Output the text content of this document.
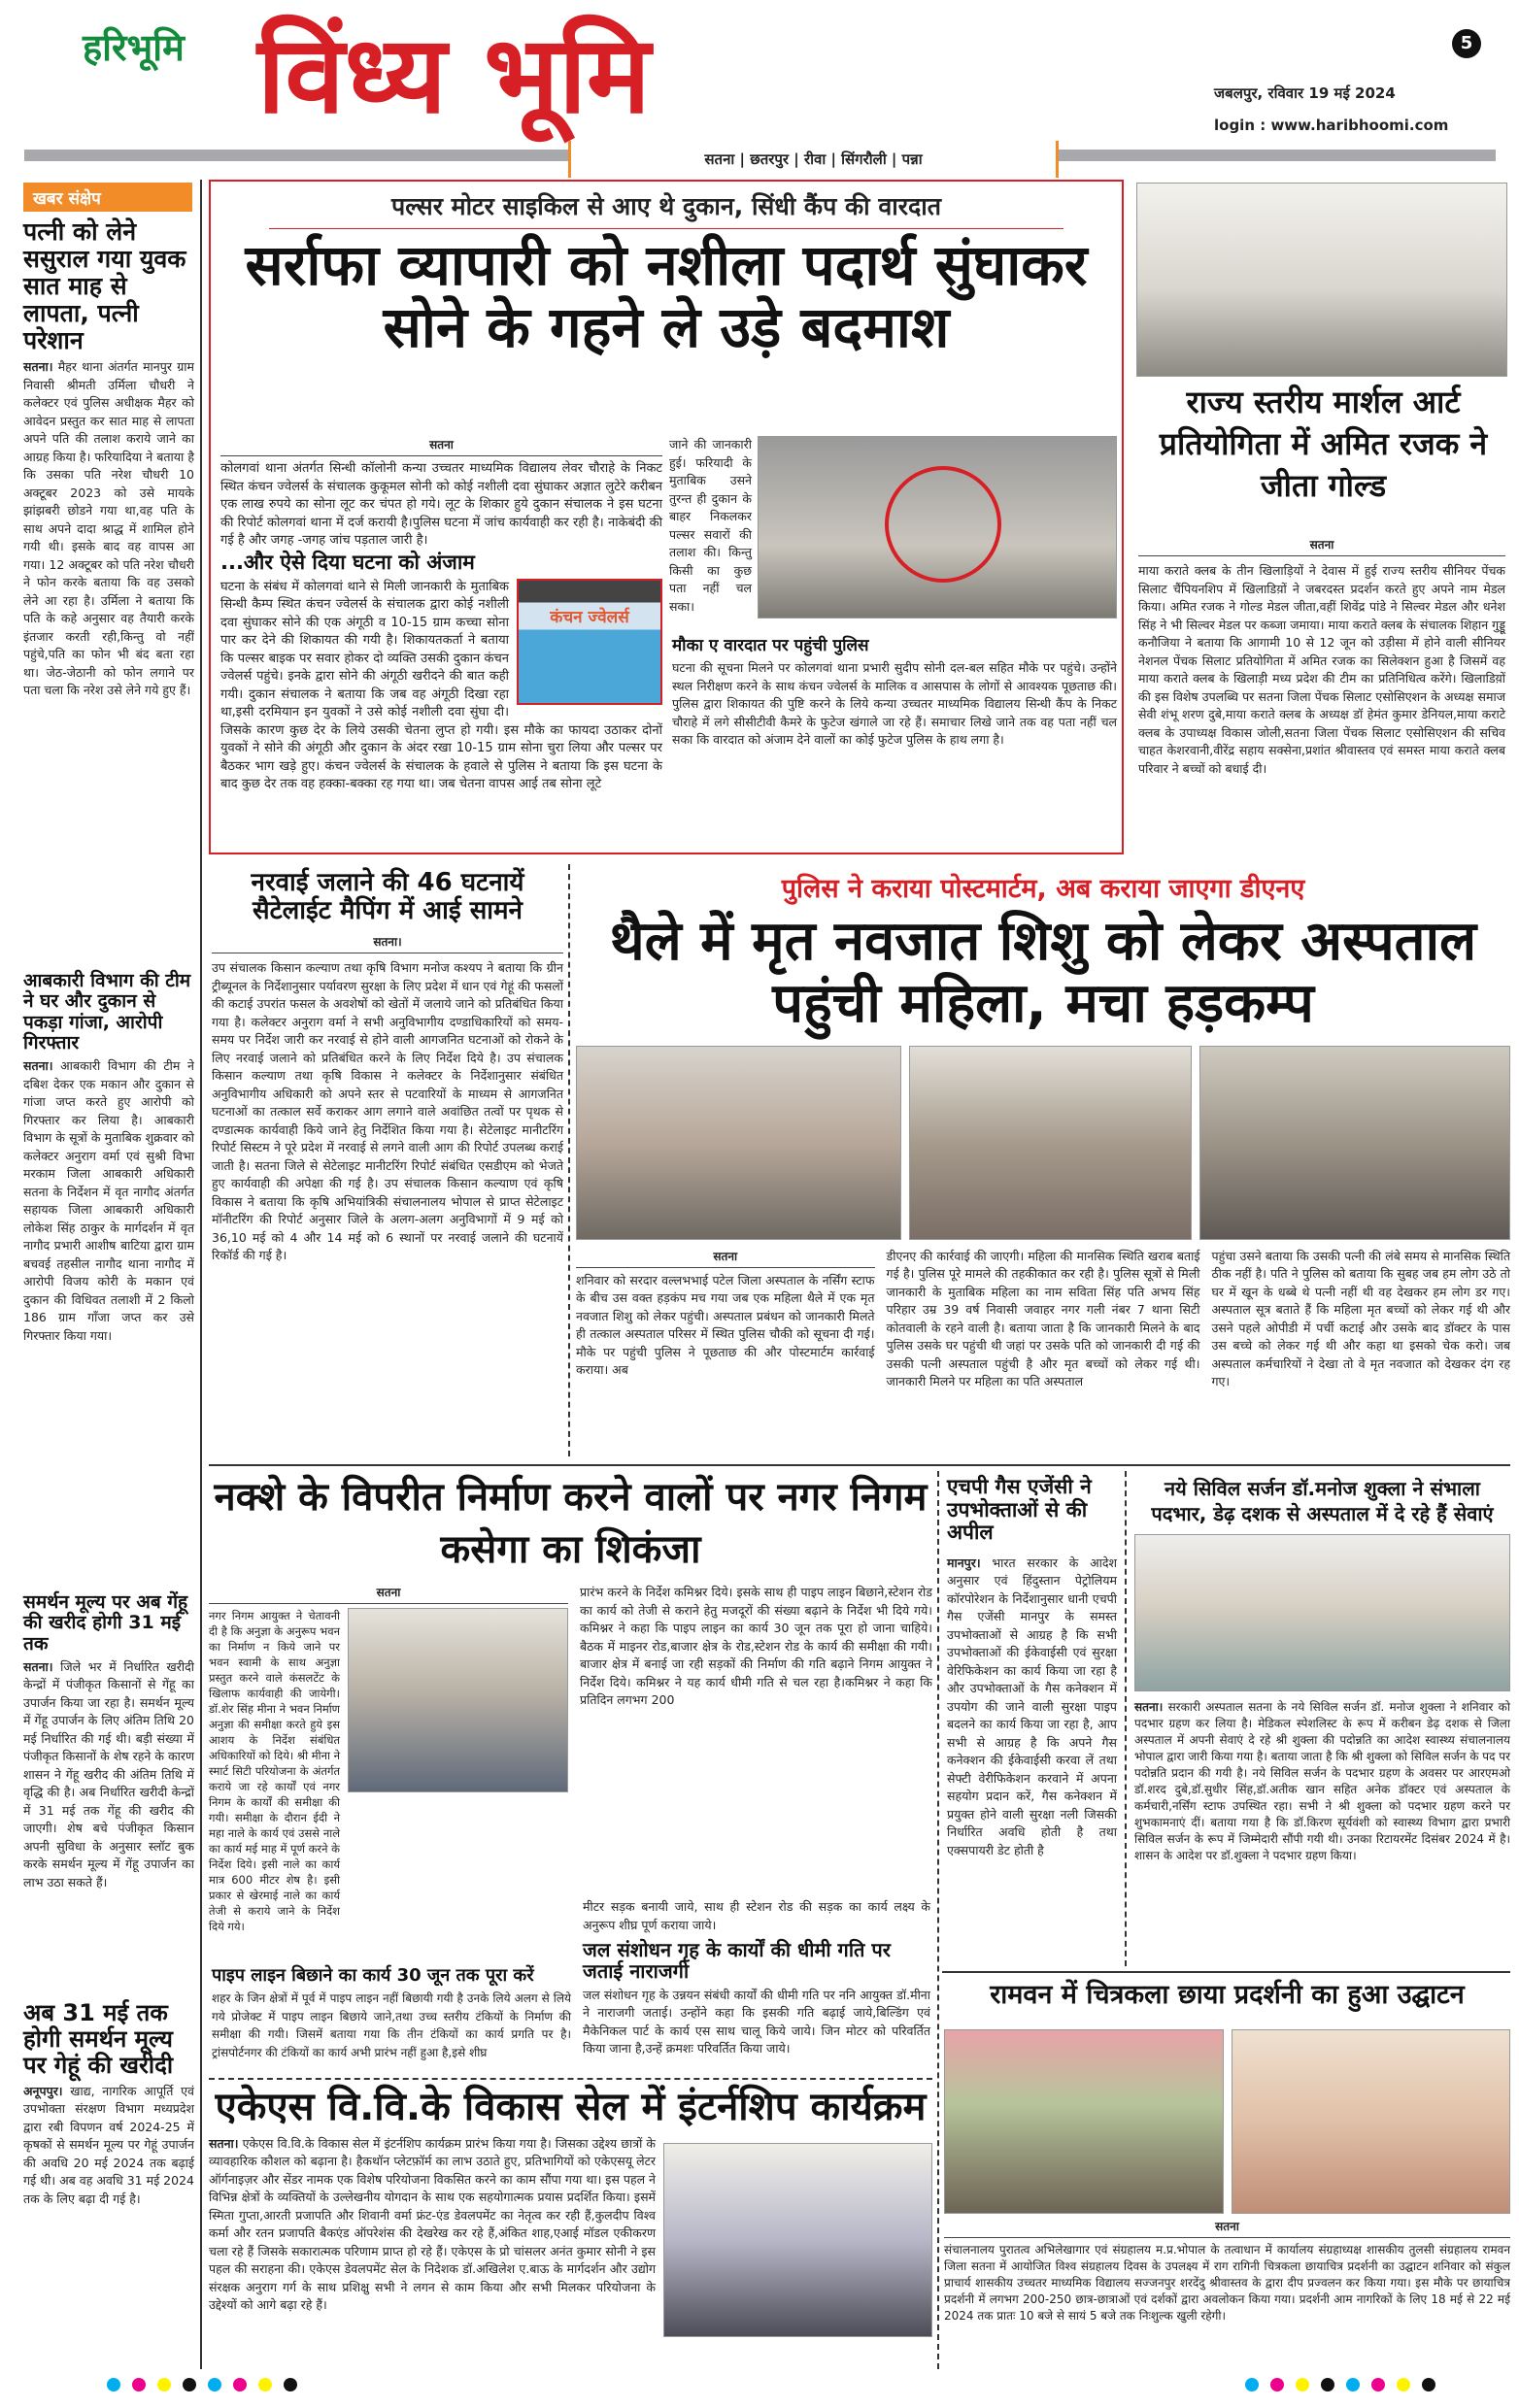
हरिभूमि विंध्य भूमि	5
जबलपुर, रविवार 19 मई 2024
login : www.haribhoomi.com
सतना | छतरपुर | रीवा | सिंगरौली | पन्ना
खबर संक्षेप
पत्नी को लेने ससुराल गया युवक सात माह से लापता, पत्नी परेशान
सतना। मैहर थाना अंतर्गत मानपुर ग्राम निवासी श्रीमती उर्मिला चौधरी ने कलेक्टर एवं पुलिस अधीक्षक मैहर को आवेदन प्रस्तुत कर सात माह से लापता अपने पति की तलाश कराये जाने का आग्रह किया है। फरियादिया ने बताया है कि उसका पति नरेश चौधरी 10 अक्टूबर 2023 को उसे मायके झांझबरी छोडने गया था,वह पति के साथ अपने दादा श्राद्ध में शामिल होने गयी थी। इसके बाद वह वापस आ गया। 12 अक्टूबर को पति नरेश चौधरी ने फोन करके बताया कि वह उसको लेने आ रहा है। उर्मिला ने बताया कि पति के कहे अनुसार वह तैयारी करके इंतजार करती रही,किन्तु वो नहीं पहुंचे,पति का फोन भी बंद बता रहा था। जेठ-जेठानी को फोन लगाने पर पता चला कि नरेश उसे लेने गये हुए हैं।
आबकारी विभाग की टीम ने घर और दुकान से पकड़ा गांजा, आरोपी गिरफ्तार
सतना। आबकारी विभाग की टीम ने दबिश देकर एक मकान और दुकान से गांजा जप्त करते हुए आरोपी को गिरफ्तार कर लिया है। आबकारी विभाग के सूत्रों के मुताबिक शुक्रवार को कलेक्टर अनुराग वर्मा एवं सुश्री विभा मरकाम जिला आबकारी अधिकारी सतना के निर्देशन में वृत नागौद अंतर्गत सहायक जिला आबकारी अधिकारी लोकेश सिंह ठाकुर के मार्गदर्शन में वृत नागौद प्रभारी आशीष बाटिया द्वारा ग्राम बचवई तहसील नागौद थाना नागौद में आरोपी विजय कोरी के मकान एवं दुकान की विधिवत तलाशी में 2 किलो 186 ग्राम गाँजा जप्त कर उसे गिरफ्तार किया गया।
समर्थन मूल्य पर अब गेंहू की खरीद होगी 31 मई तक
सतना। जिले भर में निर्धारित खरीदी केन्द्रों में पंजीकृत किसानों से गेंहू का उपार्जन किया जा रहा है। समर्थन मूल्य में गेंहू उपार्जन के लिए अंतिम तिथि 20 मई निर्धारित की गई थी। बड़ी संख्या में पंजीकृत किसानों के शेष रहने के कारण शासन ने गेंहू खरीद की अंतिम तिथि में वृद्धि की है। अब निर्धारित खरीदी केन्द्रों में 31 मई तक गेंहू की खरीद की जाएगी। शेष बचे पंजीकृत किसान अपनी सुविधा के अनुसार स्लॉट बुक करके समर्थन मूल्य में गेंहू उपार्जन का लाभ उठा सकते हैं।
अब 31 मई तक होगी समर्थन मूल्य पर गेहूं की खरीदी
अनूपपुर। खाद्य, नागरिक आपूर्ति एवं उपभोक्ता संरक्षण विभाग मध्यप्रदेश द्वारा रबी विपणन वर्ष 2024-25 में कृषकों से समर्थन मूल्य पर गेहूं उपार्जन की अवधि 20 मई 2024 तक बढ़ाई गई थी। अब वह अवधि 31 मई 2024 तक के लिए बढ़ा दी गई है।
पल्सर मोटर साइकिल से आए थे दुकान, सिंधी कैंप की वारदात
सर्राफा व्यापारी को नशीला पदार्थ सुंघाकर सोने के गहने ले उड़े बदमाश
सतना
कोलगवां थाना अंतर्गत सिन्धी कॉलोनी कन्या उच्चतर माध्यमिक विद्यालय लेवर चौराहे के निकट स्थित कंचन ज्वेलर्स के संचालक कुकूमल सोनी को कोई नशीली दवा सुंघाकर अज्ञात लुटेरे करीबन एक लाख रुपये का सोना लूट कर चंपत हो गये। लूट के शिकार हुये दुकान संचालक ने इस घटना की रिपोर्ट कोलगवां थाना में दर्ज करायी है।पुलिस घटना में जांच कार्यवाही कर रही है। नाकेबंदी की गई है और जगह -जगह जांच पड़ताल जारी है।
...और ऐसे दिया घटना को अंजाम
कंचन ज्वेलर्स
घटना के संबंध में कोलगवां थाने से मिली जानकारी के मुताबिक सिन्धी कैम्प स्थित कंचन ज्वेलर्स के संचालक द्वारा कोई नशीली दवा सुंघाकर सोने की एक अंगूठी व 10-15 ग्राम कच्चा सोना पार कर देने की शिकायत की गयी है। शिकायतकर्ता ने बताया कि पल्सर बाइक पर सवार होकर दो व्यक्ति उसकी दुकान कंचन ज्वेलर्स पहुंचे। इनके द्वारा सोने की अंगूठी खरीदने की बात कही गयी। दुकान संचालक ने बताया कि जब वह अंगूठी दिखा रहा था,इसी दरमियान इन युवकों ने उसे कोई नशीली दवा सुंघा दी। जिसके कारण कुछ देर के लिये उसकी चेतना लुप्त हो गयी। इस मौके का फायदा उठाकर दोनों युवकों ने सोने की अंगूठी और दुकान के अंदर रखा 10-15 ग्राम सोना चुरा लिया और पल्सर पर बैठकर भाग खड़े हुए। कंचन ज्वेलर्स के संचालक के हवाले से पुलिस ने बताया कि इस घटना के बाद कुछ देर तक वह हक्का-बक्का रह गया था। जब चेतना वापस आई तब सोना लूटे
जाने की जानकारी हुई। फरियादी के मुताबिक उसने तुरन्त ही दुकान के बाहर निकलकर पल्सर सवारों की तलाश की। किन्तु किसी का कुछ पता नहीं चल सका।
मौका ए वारदात पर पहुंची पुलिस
घटना की सूचना मिलने पर कोलगवां थाना प्रभारी सुदीप सोनी दल-बल सहित मौके पर पहुंचे। उन्होंने स्थल निरीक्षण करने के साथ कंचन ज्वेलर्स के मालिक व आसपास के लोगों से आवश्यक पूछताछ की।पुलिस द्वारा शिकायत की पुष्टि करने के लिये कन्या उच्चतर माध्यमिक विद्यालय सिन्धी कैंप के निकट चौराहे में लगे सीसीटीवी कैमरे के फुटेज खंगाले जा रहे हैं। समाचार लिखे जाने तक वह पता नहीं चल सका कि वारदात को अंजाम देने वालों का कोई फुटेज पुलिस के हाथ लगा है।
राज्य स्तरीय मार्शल आर्ट प्रतियोगिता में अमित रजक ने जीता गोल्ड
सतना
माया कराते क्लब के तीन खिलाड़ियों ने देवास में हुई राज्य स्तरीय सीनियर पेंचक सिलाट चैंपियनशिप में खिलाडिय़ों ने जबरदस्त प्रदर्शन करते हुए अपने नाम मेडल किया। अमित रजक ने गोल्ड मेडल जीता,वहीं शिवेंद्र पांडे ने सिल्वर मेडल और धनेश सिंह ने भी सिल्वर मेडल पर कब्जा जमाया। माया कराते क्लब के संचालक शिहान गुड्डू कनौजिया ने बताया कि आगामी 10 से 12 जून को उड़ीसा में होने वाली सीनियर नेशनल पेंचक सिलाट प्रतियोगिता में अमित रजक का सिलेक्शन हुआ है जिसमें वह माया कराते क्लब के खिलाड़ी मध्य प्रदेश की टीम का प्रतिनिधित्व करेंगे। खिलाडिय़ों की इस विशेष उपलब्धि पर सतना जिला पेंचक सिलाट एसोसिएशन के अध्यक्ष समाज सेवी शंभू शरण दुबे,माया कराते क्लब के अध्यक्ष डॉ हेमंत कुमार डेनियल,माया कराटे क्लब के उपाध्यक्ष विकास जोली,सतना जिला पेंचक सिलाट एसोसिएशन की सचिव चाहत केशरवानी,वीरेंद्र सहाय सक्सेना,प्रशांत श्रीवास्तव एवं समस्त माया कराते क्लब परिवार ने बच्चों को बधाई दी।
नरवाई जलाने की 46 घटनायें सैटेलाईट मैपिंग में आई सामने
सतना।
उप संचालक किसान कल्याण तथा कृषि विभाग मनोज कश्यप ने बताया कि ग्रीन ट्रीब्यूनल के निर्देशानुसार पर्यावरण सुरक्षा के लिए प्रदेश में धान एवं गेहूं की फसलों की कटाई उपरांत फसल के अवशेषों को खेतों में जलाये जाने को प्रतिबंधित किया गया है। कलेक्टर अनुराग वर्मा ने सभी अनुविभागीय दण्डाधिकारियों को समय-समय पर निर्देश जारी कर नरवाई से होने वाली आगजनित घटनाओं को रोकने के लिए नरवाई जलाने को प्रतिबंधित करने के लिए निर्देश दिये है। उप संचालक किसान कल्याण तथा कृषि विकास ने कलेक्टर के निर्देशानुसार संबंधित अनुविभागीय अधिकारी को अपने स्तर से पटवारियों के माध्यम से आगजनित घटनाओं का तत्काल सर्वे कराकर आग लगाने वाले अवांछित तत्वों पर पृथक से दण्डात्मक कार्यवाही किये जाने हेतु निर्देशित किया गया है। सेटेलाइट मानीटरिंग रिपोर्ट सिस्टम ने पूरे प्रदेश में नरवाई से लगने वाली आग की रिपोर्ट उपलब्ध कराई जाती है। सतना जिले से सेटेलाइट मानीटरिंग रिपोर्ट संबंधित एसडीएम को भेजते हुए कार्यवाही की अपेक्षा की गई है। उप संचालक किसान कल्याण एवं कृषि विकास ने बताया कि कृषि अभियांत्रिकी संचालनालय भोपाल से प्राप्त सेटेलाइट मॉनीटरिंग की रिपोर्ट अनुसार जिले के अलग-अलग अनुविभागों में 9 मई को 36,10 मई को 4 और 14 मई को 6 स्थानों पर नरवाई जलाने की घटनायें रिकॉर्ड की गई है।
पुलिस ने कराया पोस्टमार्टम, अब कराया जाएगा डीएनए
थैले में मृत नवजात शिशु को लेकर अस्पताल पहुंची महिला, मचा हड़कम्प
सतना
शनिवार को सरदार वल्लभभाई पटेल जिला अस्पताल के नर्सिंग स्टाफ के बीच उस वक्त हड़कंप मच गया जब एक महिला थैले में एक मृत नवजात शिशु को लेकर पहुंची। अस्पताल प्रबंधन को जानकारी मिलते ही तत्काल अस्पताल परिसर में स्थित पुलिस चौकी को सूचना दी गई। मौके पर पहुंची पुलिस ने पूछताछ की और पोस्टमार्टम कार्रवाई कराया। अब
डीएनए की कार्रवाई की जाएगी। महिला की मानसिक स्थिति खराब बताई गई है। पुलिस पूरे मामले की तहकीकात कर रही है। पुलिस सूत्रों से मिली जानकारी के मुताबिक महिला का नाम सविता सिंह पति अभय सिंह परिहार उम्र 39 वर्ष निवासी जवाहर नगर गली नंबर 7 थाना सिटी कोतवाली के रहने वाली है। बताया जाता है कि जानकारी मिलने के बाद पुलिस उसके घर पहुंची थी जहां पर उसके पति को जानकारी दी गई की उसकी पत्नी अस्पताल पहुंची है और मृत बच्चों को लेकर गई थी। जानकारी मिलने पर महिला का पति अस्पताल
पहुंचा उसने बताया कि उसकी पत्नी की लंबे समय से मानसिक स्थिति ठीक नहीं है। पति ने पुलिस को बताया कि सुबह जब हम लोग उठे तो घर में खून के धब्बे थे पत्नी नहीं थी वह देखकर हम लोग डर गए। अस्पताल सूत्र बताते हैं कि महिला मृत बच्चों को लेकर गई थी और उसने पहले ओपीडी में पर्ची कटाई और उसके बाद डॉक्टर के पास उस बच्चे को लेकर गई थी और कहा था इसको चेक करो। जब अस्पताल कर्मचारियों ने देखा तो वे मृत नवजात को देखकर दंग रह गए।
नक्शे के विपरीत निर्माण करने वालों पर नगर निगम कसेगा का शिकंजा
सतना
नगर निगम आयुक्त ने चेतावनी दी है कि अनुज्ञा के अनुरूप भवन का निर्माण न किये जाने पर भवन स्वामी के साथ अनुज्ञा प्रस्तुत करने वाले कंसलटेंट के खिलाफ कार्यवाही की जायेगी। डॉ.शेर सिंह मीना ने भवन निर्माण अनुज्ञा की समीक्षा करते हुये इस आशय के निर्देश संबंधित अधिकारियों को दिये। श्री मीना ने स्मार्ट सिटी परियोजना के अंतर्गत कराये जा रहे कार्यों एवं नगर निगम के कार्यों की समीक्षा की गयी। समीक्षा के दौरान ईदी ने महा नाले के कार्य एवं उससे नाले का कार्य मई माह में पूर्ण करने के निर्देश दिये। इसी नाले का कार्य मात्र 600 मीटर शेष है। इसी प्रकार से खेरमाई नाले का कार्य तेजी से कराये जाने के निर्देश दिये गये।
प्रारंभ करने के निर्देश कमिश्नर दिये। इसके साथ ही पाइप लाइन बिछाने,स्टेशन रोड का कार्य को तेजी से कराने हेतु मजदूरों की संख्या बढ़ाने के निर्देश भी दिये गये। कमिश्नर ने कहा कि पाइप लाइन का कार्य 30 जून तक पूरा हो जाना चाहिये। बैठक में माइनर रोड,बाजार क्षेत्र के रोड,स्टेशन रोड के कार्य की समीक्षा की गयी। बाजार क्षेत्र में बनाई जा रही सड़कों की निर्माण की गति बढ़ाने निगम आयुक्त ने निर्देश दिये। कमिश्नर ने यह कार्य धीमी गति से चल रहा है।कमिश्नर ने कहा कि प्रतिदिन लगभग 200
पाइप लाइन बिछाने का कार्य 30 जून तक पूरा करें
शहर के जिन क्षेत्रों में पूर्व में पाइप लाइन नहीं बिछायी गयी है उनके लिये अलग से लिये गये प्रोजेक्ट में पाइप लाइन बिछाये जाने,तथा उच्च स्तरीय टंकियों के निर्माण की समीक्षा की गयी। जिसमें बताया गया कि तीन टंकियों का कार्य प्रगति पर है। ट्रांसपोर्टनगर की टंकियों का कार्य अभी प्रारंभ नहीं हुआ है,इसे शीघ्र
मीटर सड़क बनायी जाये, साथ ही स्टेशन रोड की सड़क का कार्य लक्ष्य के अनुरूप शीघ्र पूर्ण कराया जाये।
जल संशोधन गृह के कार्यों की धीमी गति पर जताई नाराजगी
जल संशोधन गृह के उन्नयन संबंधी कार्यों की धीमी गति पर ननि आयुक्त डॉ.मीना ने नाराजगी जताई। उन्होंने कहा कि इसकी गति बढ़ाई जाये,बिल्डिंग एवं मैकेनिकल पार्ट के कार्य एस साथ चालू किये जाये। जिन मोटर को परिवर्तित किया जाना है,उन्हें क्रमशः परिवर्तित किया जाये।
एचपी गैस एजेंसी ने उपभोक्ताओं से की अपील
मानपुर। भारत सरकार के आदेश अनुसार एवं हिंदुस्तान पेट्रोलियम कॉरपोरेशन के निर्देशानुसार धानी एचपी गैस एजेंसी मानपुर के समस्त उपभोक्ताओं से आग्रह है कि सभी उपभोक्ताओं की ईकेवाईसी एवं सुरक्षा वेरिफिकेशन का कार्य किया जा रहा है और उपभोक्ताओं के गैस कनेक्शन में उपयोग की जाने वाली सुरक्षा पाइप बदलने का कार्य किया जा रहा है, आप सभी से आग्रह है कि अपने गैस कनेक्शन की ईकेवाईसी करवा लें तथा सेफ्टी वेरीफिकेशन करवाने में अपना सहयोग प्रदान करें, गैस कनेक्शन में प्रयुक्त होने वाली सुरक्षा नली जिसकी निर्धारित अवधि होती है तथा एक्सपायरी डेट होती है
नये सिविल सर्जन डॉ.मनोज शुक्ला ने संभाला पदभार, डेढ़ दशक से अस्पताल में दे रहे हैं सेवाएं
सतना। सरकारी अस्पताल सतना के नये सिविल सर्जन डॉ. मनोज शुक्ला ने शनिवार को पदभार ग्रहण कर लिया है। मेडिकल स्पेशलिस्ट के रूप में करीबन डेढ़ दशक से जिला अस्पताल में अपनी सेवाएं दे रहे श्री शुक्ला की पदोन्नति का आदेश स्वास्थ्य संचालनालय भोपाल द्वारा जारी किया गया है। बताया जाता है कि श्री शुक्ला को सिविल सर्जन के पद पर पदोन्नति प्रदान की गयी है। नये सिविल सर्जन के पदभार ग्रहण के अवसर पर आरएमओ डॉ.शरद दुबे,डॉ.सुधीर सिंह,डॉ.अतीक खान सहित अनेक डॉक्टर एवं अस्पताल के कर्मचारी,नर्सिंग स्टाफ उपस्थित रहा। सभी ने श्री शुक्ला को पदभार ग्रहण करने पर शुभकामनाएं दीं। बताया गया है कि डॉ.किरण सूर्यवंशी को स्वास्थ्य विभाग द्वारा प्रभारी सिविल सर्जन के रूप में जिम्मेदारी सौंपी गयी थी। उनका रिटायरमेंट दिसंबर 2024 में है। शासन के आदेश पर डॉ.शुक्ला ने पदभार ग्रहण किया।
रामवन में चित्रकला छाया प्रदर्शनी का हुआ उद्घाटन
सतना
संचालनालय पुरातत्व अभिलेखागार एवं संग्रहालय म.प्र.भोपाल के तत्वाधान में कार्यालय संग्रहाध्यक्ष शासकीय तुलसी संग्रहालय रामवन जिला सतना में आयोजित विश्व संग्रहालय दिवस के उपलक्ष्य में राग रागिनी चित्रकला छायाचित्र प्रदर्शनी का उद्घाटन शनिवार को संकुल प्राचार्य शासकीय उच्चतर माध्यमिक विद्यालय सज्जनपुर शरदेंदु श्रीवास्तव के द्वारा दीप प्रज्वलन कर किया गया। इस मौके पर छायाचित्र प्रदर्शनी में लगभग 200-250 छात्र-छात्राओं एवं दर्शकों द्वारा अवलोकन किया गया। प्रदर्शनी आम नागरिकों के लिए 18 मई से 22 मई 2024 तक प्रातः 10 बजे से सायं 5 बजे तक निःशुल्क खुली रहेगी।
एकेएस वि.वि.के विकास सेल में इंटर्नशिप कार्यक्रम
सतना। एकेएस वि.वि.के विकास सेल में इंटर्नशिप कार्यक्रम प्रारंभ किया गया है। जिसका उद्देश्य छात्रों के व्यावहारिक कौशल को बढ़ाना है। हैकथॉन प्लेटफ़ॉर्म का लाभ उठाते हुए, प्रतिभागियों को एकेएसयू लेटर ऑर्गनाइज़र और सेंडर नामक एक विशेष परियोजना विकसित करने का काम सौंपा गया था। इस पहल ने विभिन्न क्षेत्रों के व्यक्तियों के उल्लेखनीय योगदान के साथ एक सहयोगात्मक प्रयास प्रदर्शित किया। इसमें स्मिता गुप्ता,आरती प्रजापति और शिवानी वर्मा फ्रंट-एंड डेवलपमेंट का नेतृत्व कर रही हैं,कुलदीप विश्व कर्मा और रतन प्रजापति बैकएंड ऑपरेशंस की देखरेख कर रहे हैं,अंकित शाह,एआई मॉडल एकीकरण चला रहे हैं जिसके सकारात्मक परिणाम प्राप्त हो रहे हैं। एकेएस के प्रो चांसलर अनंत कुमार सोनी ने इस पहल की सराहना की। एकेएस डेवलपमेंट सेल के निदेशक डॉ.अखिलेश ए.बाऊ के मार्गदर्शन और उद्योग संरक्षक अनुराग गर्ग के साथ प्रशिक्षु सभी ने लगन से काम किया और सभी मिलकर परियोजना के उद्देश्यों को आगे बढ़ा रहे हैं।
